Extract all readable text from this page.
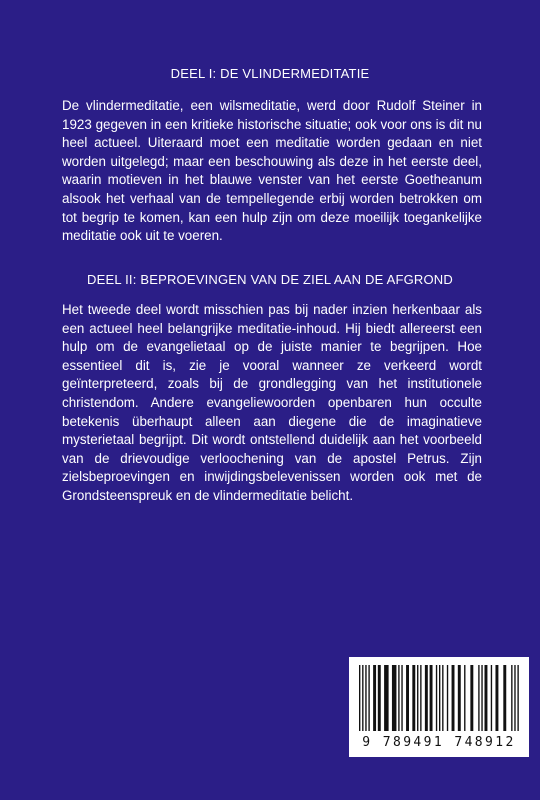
DEEL I: DE VLINDERMEDITATIE
De vlindermeditatie, een wilsmeditatie, werd door Rudolf Steiner in 1923 gegeven in een kritieke historische situatie; ook voor ons is dit nu heel actueel. Uiteraard moet een meditatie worden gedaan en niet worden uitgelegd; maar een beschouwing als deze in het eerste deel, waarin motieven in het blauwe venster van het eerste Goetheanum alsook het verhaal van de tempellegende erbij worden betrokken om tot begrip te komen, kan een hulp zijn om deze moeilijk toegankelijke meditatie ook uit te voeren.
DEEL II: BEPROEVINGEN VAN DE ZIEL AAN DE AFGROND
Het tweede deel wordt misschien pas bij nader inzien herkenbaar als een actueel heel belangrijke meditatie-inhoud. Hij biedt allereerst een hulp om de evangelietaal op de juiste manier te begrijpen. Hoe essentieel dit is, zie je vooral wanneer ze verkeerd wordt geïnterpreteerd, zoals bij de grondlegging van het institutionele christendom. Andere evangeliewoorden openbaren hun occulte betekenis überhaupt alleen aan diegene die de imaginatieve mysterietaal begrijpt. Dit wordt ontstellend duidelijk aan het voorbeeld van de drievoudige verloochening van de apostel Petrus. Zijn zielsbeproevingen en inwijdingsbelevenissen worden ook met de Grondsteenspreuk en de vlindermeditatie belicht.
9 789491 748912
